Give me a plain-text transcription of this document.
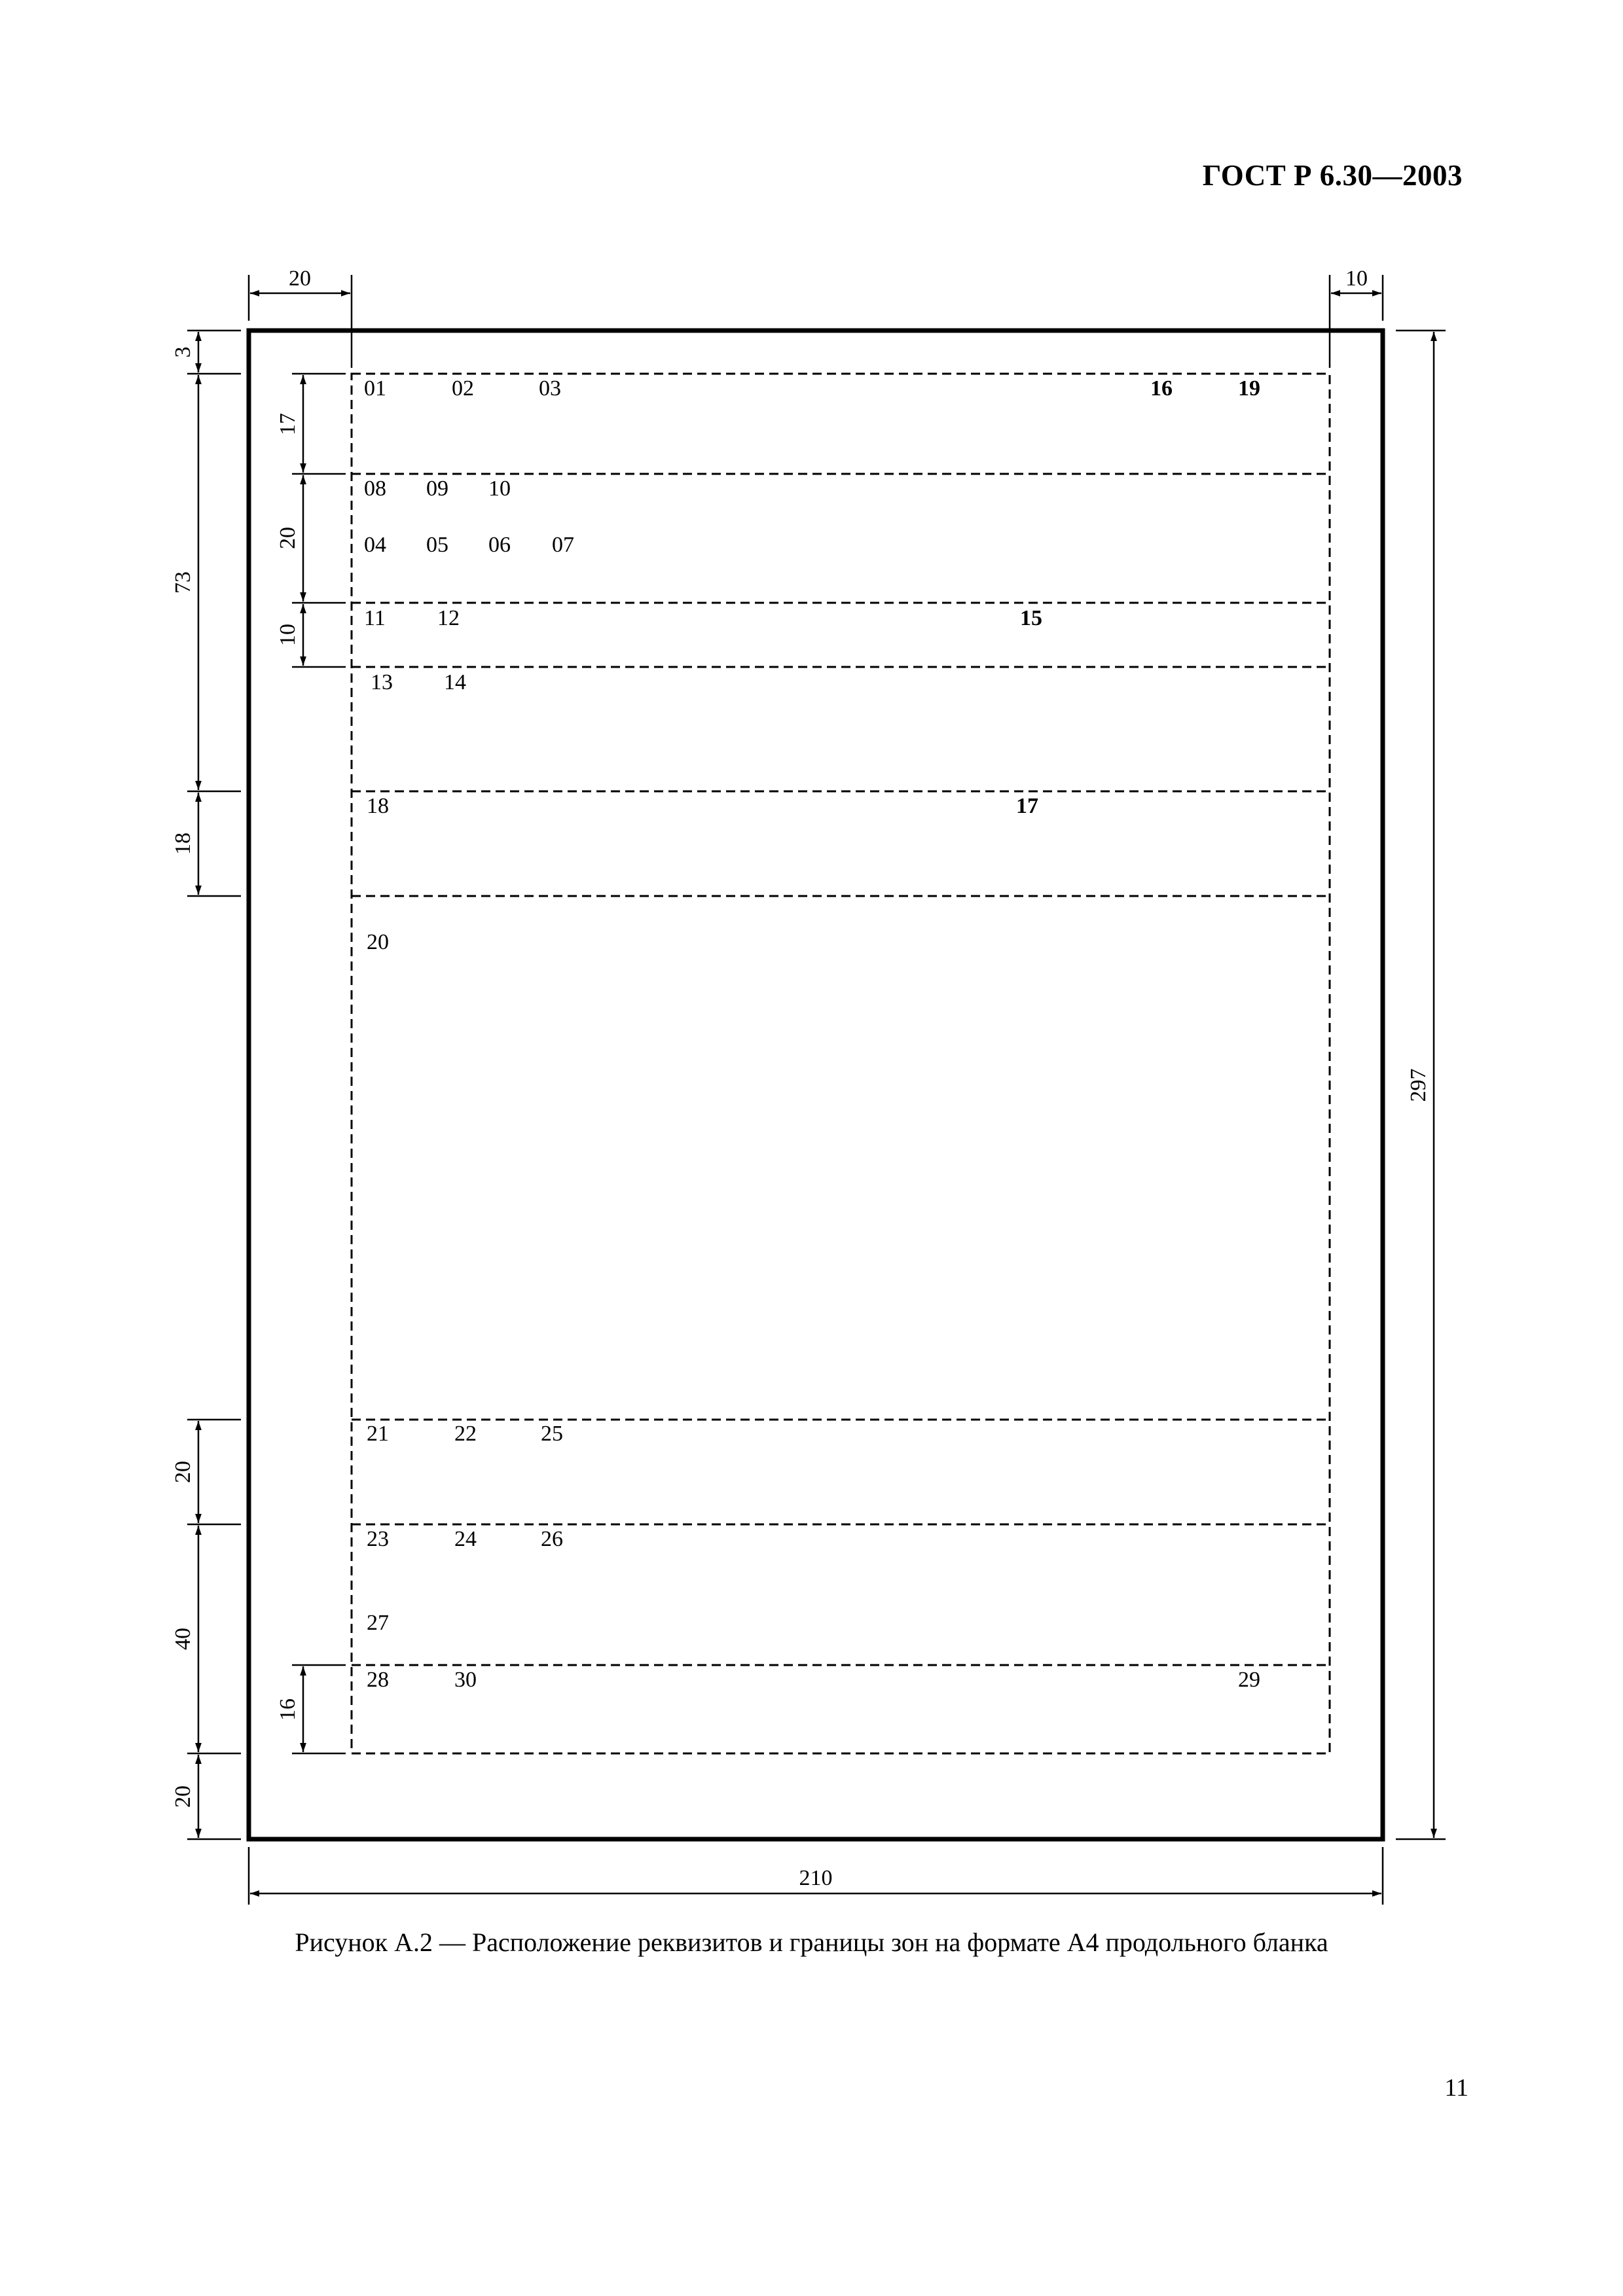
ГОСТ Р 6.30—2003
20	10
210
297
3
73
18
20
40
20
17
20
10
16
01	02	03	16	19
08 09 10
04 05 06 07
11 12	15
13 14
18	17
20
21	22	25
23	24	26
27
28	30	29
Рисунок А.2 — Расположение реквизитов и границы зон на формате А4 продольного бланка
11
